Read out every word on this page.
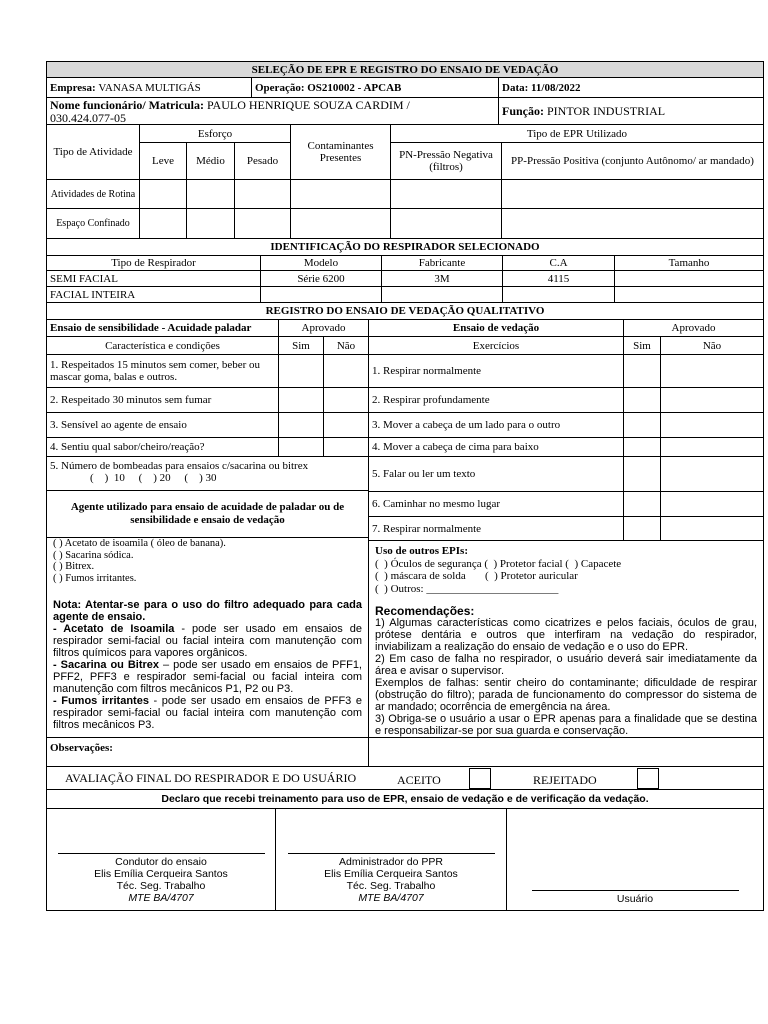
SELEÇÃO DE EPR E REGISTRO DO ENSAIO DE VEDAÇÃO
Empresa:
VANASA MULTIGÁS	Operação:
OS210002 - APCAB	Data:
11/08/2022
Nome funcionário/ Matricula: PAULO HENRIQUE SOUZA CARDIM /
030.424.077-05	Função:
PINTOR INDUSTRIAL
Tipo de Atividade
Esforço
Leve	Médio	Pesado
Contaminantes Presentes
Tipo de EPR Utilizado
PN-Pressão Negativa (filtros)	PP-Pressão Positiva (conjunto Autônomo/ ar mandado)
Atividades de Rotina
Espaço Confinado
IDENTIFICAÇÃO DO RESPIRADOR SELECIONADO
Tipo de Respirador	Modelo	Fabricante	C.A	Tamanho
SEMI FACIAL	Série 6200	3M	4115
FACIAL INTEIRA
REGISTRO DO ENSAIO DE VEDAÇÃO QUALITATIVO
Ensaio de sensibilidade - Acuidade paladar	Aprovado
Característica e condições	Sim	Não
1. Respeitados 15 minutos sem comer, beber ou mascar goma, balas e outros.
2. Respeitado 30 minutos sem fumar
3. Sensível ao agente de ensaio
4. Sentiu qual sabor/cheiro/reação?
5. Número de bombeadas para ensaios c/sacarina ou bitrex
(    )  10     (    ) 20     (    ) 30
Agente utilizado para ensaio de acuidade de paladar ou de sensibilidade e ensaio de vedação
( ) Acetato de isoamila ( óleo de banana).
( ) Sacarina sódica.
( ) Bitrex.
( ) Fumos irritantes.
Nota: Atentar-se para o uso do filtro adequado para cada agente de ensaio.
- Acetato de Isoamila - pode ser usado em ensaios de respirador semi-facial ou facial inteira com manutenção com filtros químicos para vapores orgânicos.
- Sacarina ou Bitrex – pode ser usado em ensaios de PFF1, PFF2, PFF3 e respirador semi-facial ou facial inteira com manutenção com filtros mecânicos P1, P2 ou P3.
- Fumos irritantes - pode ser usado em ensaios de PFF3 e respirador semi-facial ou facial inteira com manutenção com filtros mecânicos P3.
Ensaio de vedação	Aprovado
Exercícios	Sim	Não
1. Respirar normalmente
2. Respirar profundamente
3. Mover a cabeça de um lado para o outro
4. Mover a cabeça de cima para baixo
5. Falar ou ler um texto
6. Caminhar no mesmo lugar
7. Respirar normalmente
Uso de outros EPIs:
(  ) Óculos de segurança (  ) Protetor facial (  ) Capacete
(  ) máscara de solda       (  ) Protetor auricular
(  ) Outros: ________________________
Recomendações:

1) Algumas características como cicatrizes e pelos faciais, óculos de grau, prótese dentária e outros que interfiram na vedação do respirador, inviabilizam a realização do ensaio de vedação e o uso do EPR.

2) Em caso de falha no respirador, o usuário deverá sair imediatamente da área e avisar o supervisor.

Exemplos de falhas: sentir cheiro do contaminante; dificuldade de respirar (obstrução do filtro); parada de funcionamento do compressor do sistema de ar mandado; ocorrência de emergência na área.

3) Obriga-se o usuário a usar o EPR apenas para a finalidade que se destina e responsabilizar-se por sua guarda e conservação.

Observações:
AVALIAÇÃO FINAL DO RESPIRADOR E DO USUÁRIO	ACEITO	REJEITADO
Declaro que recebi treinamento para uso de EPR, ensaio de vedação e de verificação da vedação.
Condutor do ensaio
Elis Emília Cerqueira Santos
Téc. Seg. Trabalho
MTE BA/4707
Administrador do PPR
Elis Emília Cerqueira Santos
Téc. Seg. Trabalho
MTE BA/4707	Usuário
